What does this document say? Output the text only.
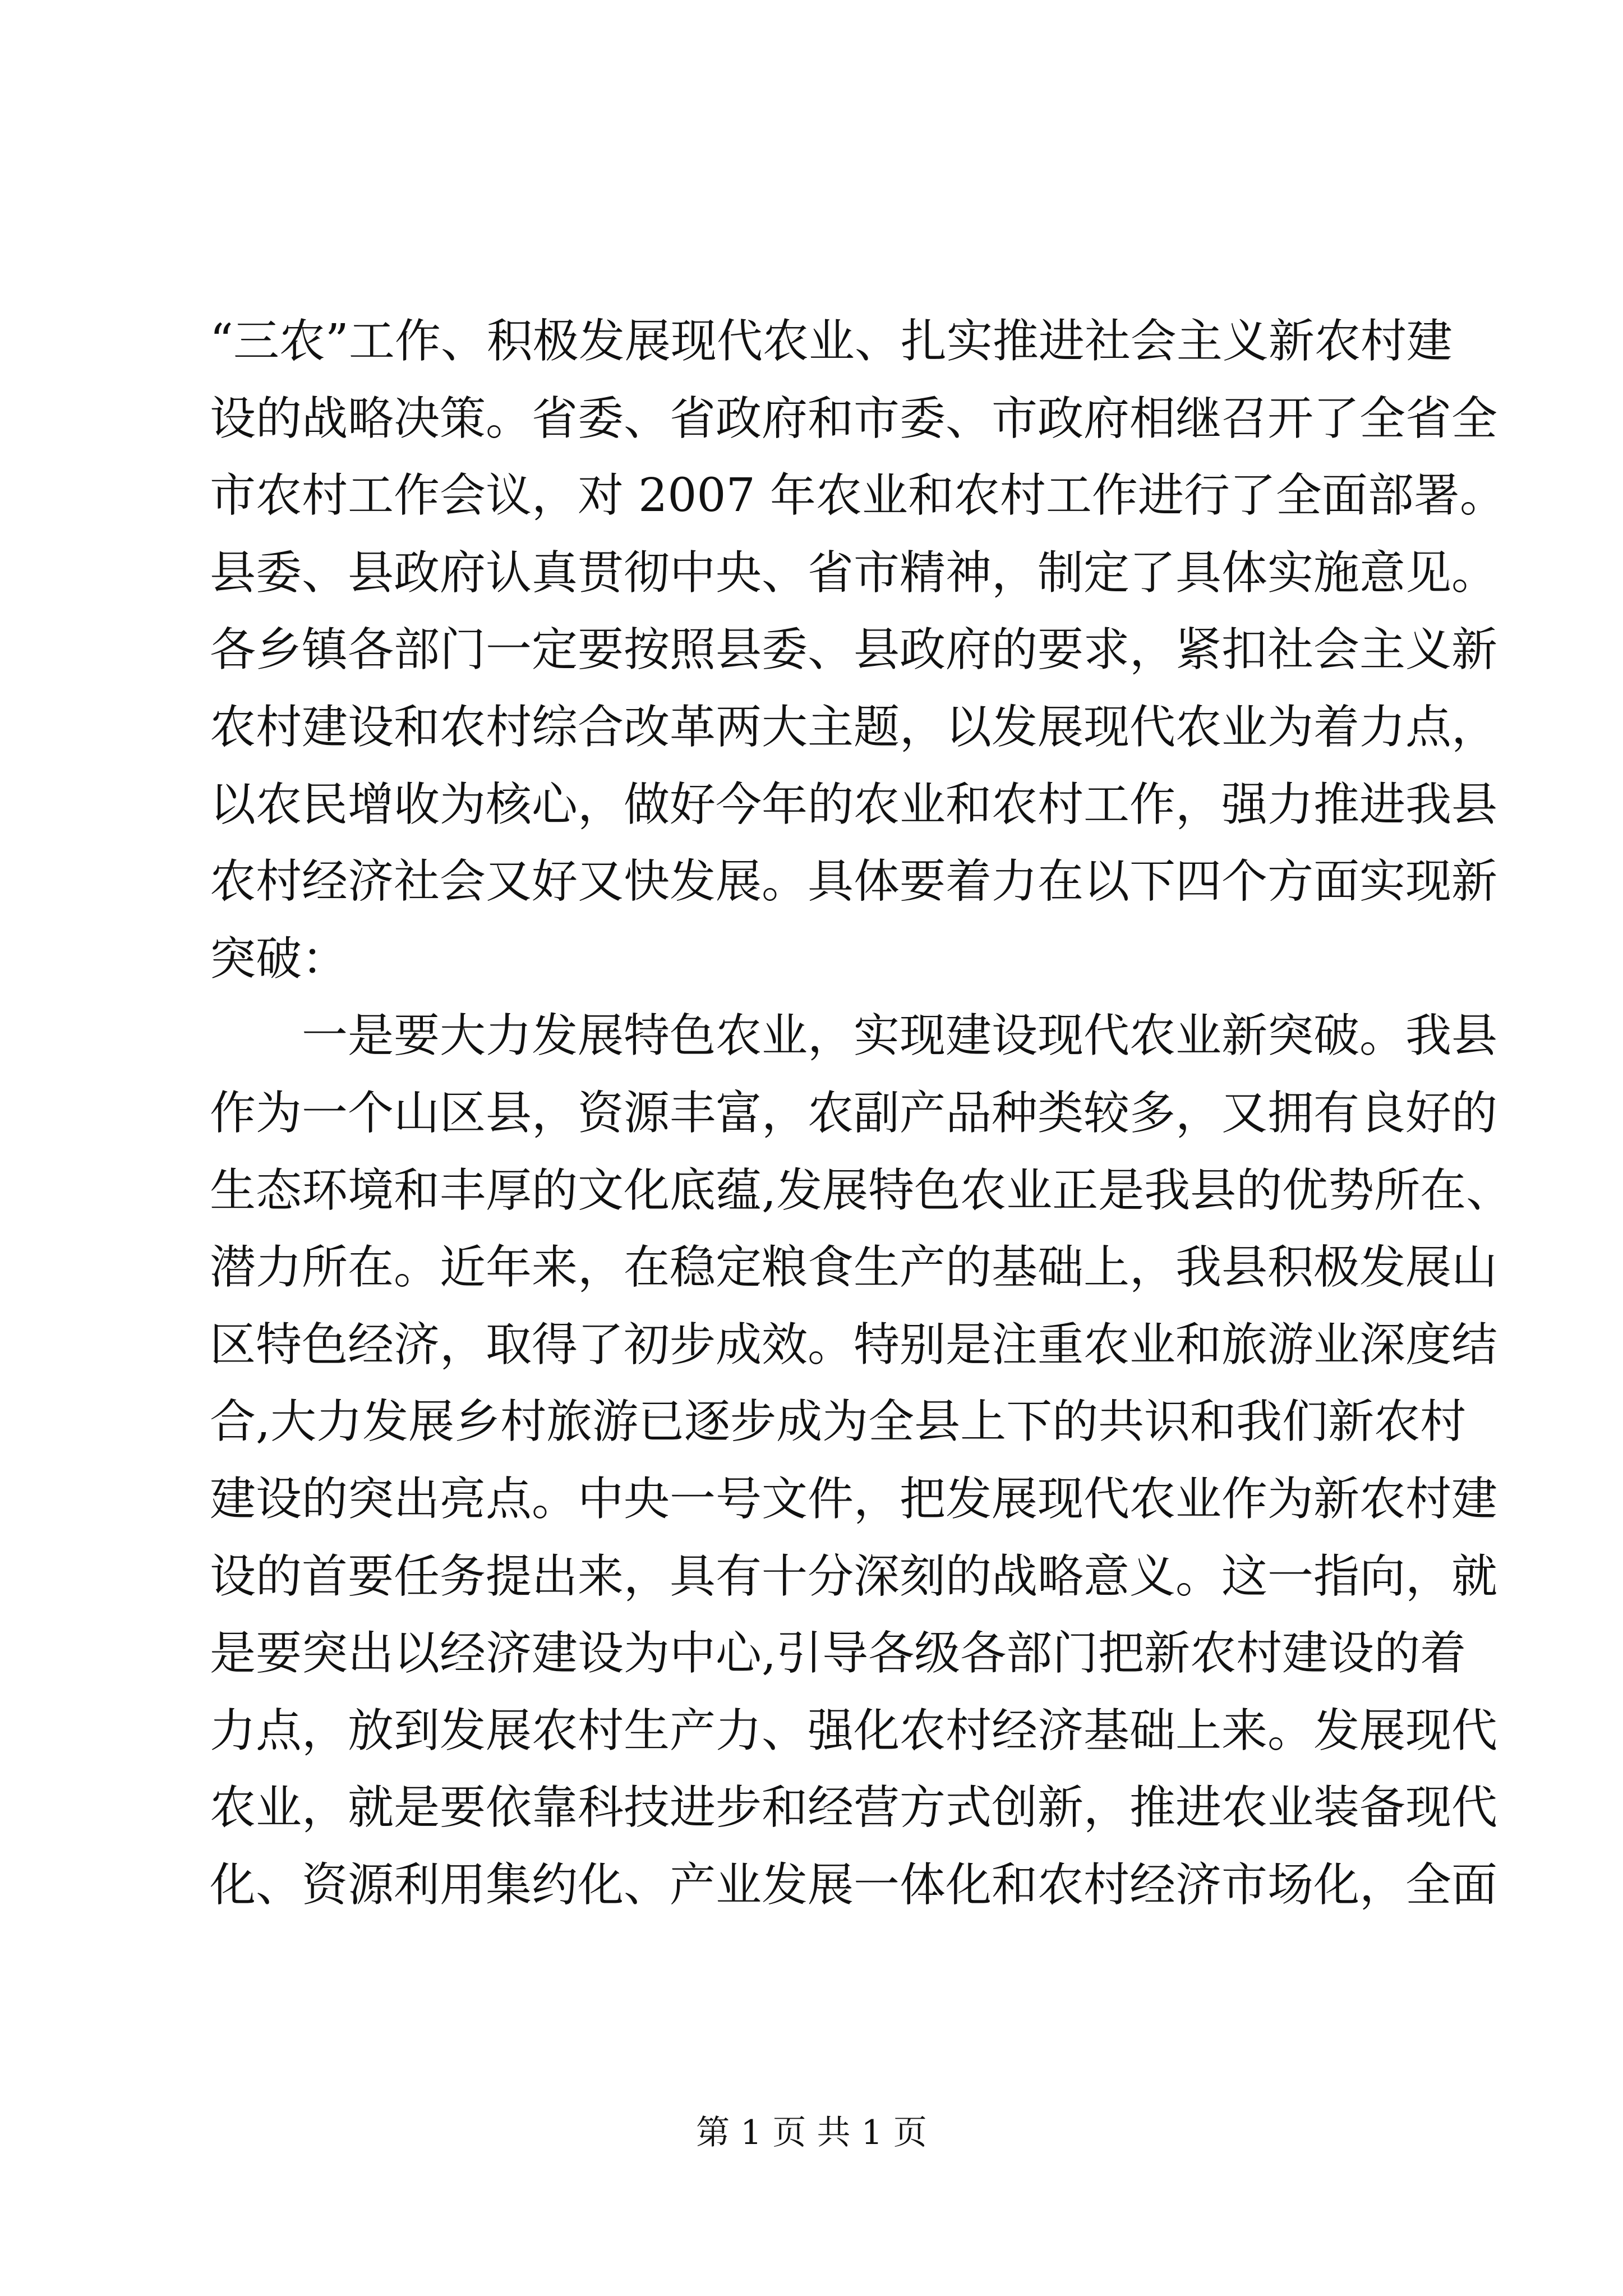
“三农”工作、积极发展现代农业、扎实推进社会主义新农村建
设的战略决策。省委、省政府和市委、市政府相继召开了全省全
市农村工作会议，对 2007 年农业和农村工作进行了全面部署。
县委、县政府认真贯彻中央、省市精神，制定了具体实施意见。
各乡镇各部门一定要按照县委、县政府的要求，紧扣社会主义新
农村建设和农村综合改革两大主题，以发展现代农业为着力点，
以农民增收为核心，做好今年的农业和农村工作，强力推进我县
农村经济社会又好又快发展。具体要着力在以下四个方面实现新
突破：
一是要大力发展特色农业，实现建设现代农业新突破。我县
作为一个山区县，资源丰富，农副产品种类较多，又拥有良好的
生态环境和丰厚的文化底蕴,发展特色农业正是我县的优势所在、
潜力所在。近年来，在稳定粮食生产的基础上，我县积极发展山
区特色经济，取得了初步成效。特别是注重农业和旅游业深度结
合,大力发展乡村旅游已逐步成为全县上下的共识和我们新农村
建设的突出亮点。中央一号文件，把发展现代农业作为新农村建
设的首要任务提出来，具有十分深刻的战略意义。这一指向，就
是要突出以经济建设为中心,引导各级各部门把新农村建设的着
力点，放到发展农村生产力、强化农村经济基础上来。发展现代
农业，就是要依靠科技进步和经营方式创新，推进农业装备现代
化、资源利用集约化、产业发展一体化和农村经济市场化，全面
第 1 页 共 1 页
